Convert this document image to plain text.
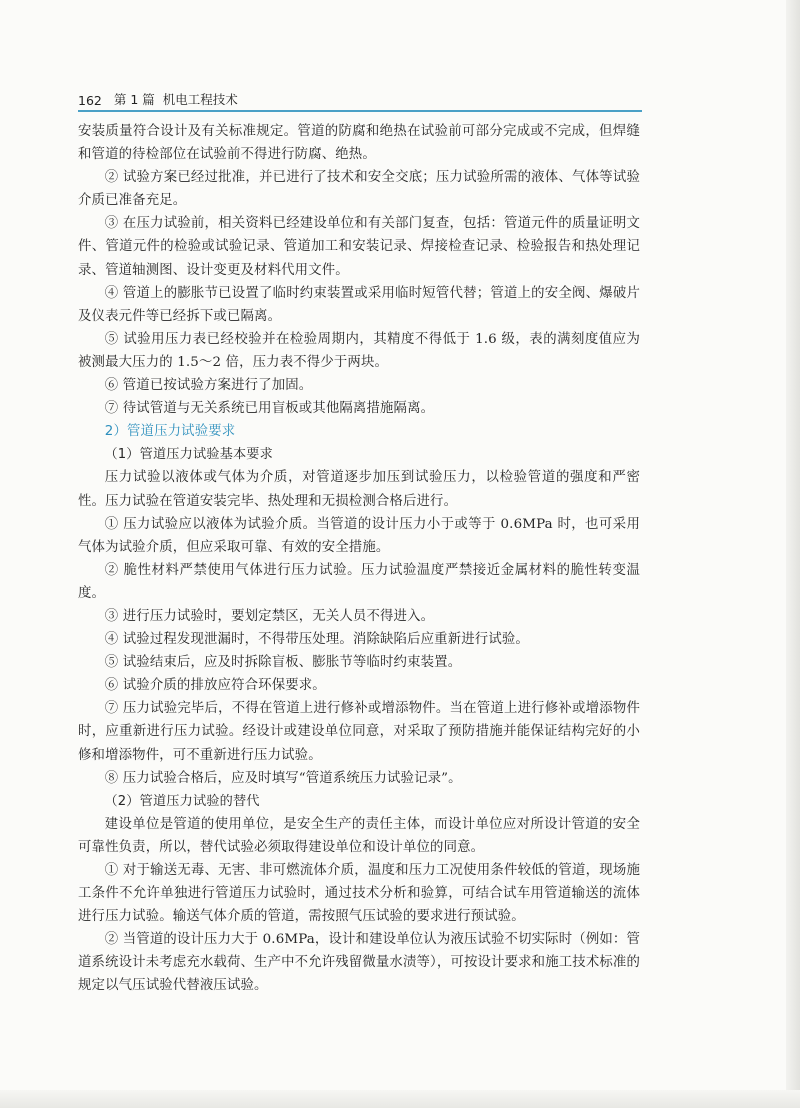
162 第 1 篇 机电工程技术

安装质量符合设计及有关标准规定。管道的防腐和绝热在试验前可部分完成或不完成，但焊缝和管道的待检部位在试验前不得进行防腐、绝热。

② 试验方案已经过批准，并已进行了技术和安全交底；压力试验所需的液体、气体等试验介质已准备充足。

③ 在压力试验前，相关资料已经建设单位和有关部门复查，包括：管道元件的质量证明文件、管道元件的检验或试验记录、管道加工和安装记录、焊接检查记录、检验报告和热处理记录、管道轴测图、设计变更及材料代用文件。

④ 管道上的膨胀节已设置了临时约束装置或采用临时短管代替；管道上的安全阀、爆破片及仪表元件等已经拆下或已隔离。

⑤ 试验用压力表已经校验并在检验周期内，其精度不得低于 1.6 级，表的满刻度值应为被测最大压力的 1.5～2 倍，压力表不得少于两块。

⑥ 管道已按试验方案进行了加固。

⑦ 待试管道与无关系统已用盲板或其他隔离措施隔离。

2）管道压力试验要求

（1）管道压力试验基本要求

压力试验以液体或气体为介质，对管道逐步加压到试验压力，以检验管道的强度和严密性。压力试验在管道安装完毕、热处理和无损检测合格后进行。

① 压力试验应以液体为试验介质。当管道的设计压力小于或等于 0.6MPa 时，也可采用气体为试验介质，但应采取可靠、有效的安全措施。

② 脆性材料严禁使用气体进行压力试验。压力试验温度严禁接近金属材料的脆性转变温度。

③ 进行压力试验时，要划定禁区，无关人员不得进入。

④ 试验过程发现泄漏时，不得带压处理。消除缺陷后应重新进行试验。

⑤ 试验结束后，应及时拆除盲板、膨胀节等临时约束装置。

⑥ 试验介质的排放应符合环保要求。

⑦ 压力试验完毕后，不得在管道上进行修补或增添物件。当在管道上进行修补或增添物件时，应重新进行压力试验。经设计或建设单位同意，对采取了预防措施并能保证结构完好的小修和增添物件，可不重新进行压力试验。

⑧ 压力试验合格后，应及时填写“管道系统压力试验记录”。

（2）管道压力试验的替代

建设单位是管道的使用单位，是安全生产的责任主体，而设计单位应对所设计管道的安全可靠性负责，所以，替代试验必须取得建设单位和设计单位的同意。

① 对于输送无毒、无害、非可燃流体介质，温度和压力工况使用条件较低的管道，现场施工条件不允许单独进行管道压力试验时，通过技术分析和验算，可结合试车用管道输送的流体进行压力试验。输送气体介质的管道，需按照气压试验的要求进行预试验。

② 当管道的设计压力大于 0.6MPa，设计和建设单位认为液压试验不切实际时（例如：管道系统设计未考虑充水载荷、生产中不允许残留微量水渍等），可按设计要求和施工技术标准的规定以气压试验代替液压试验。
